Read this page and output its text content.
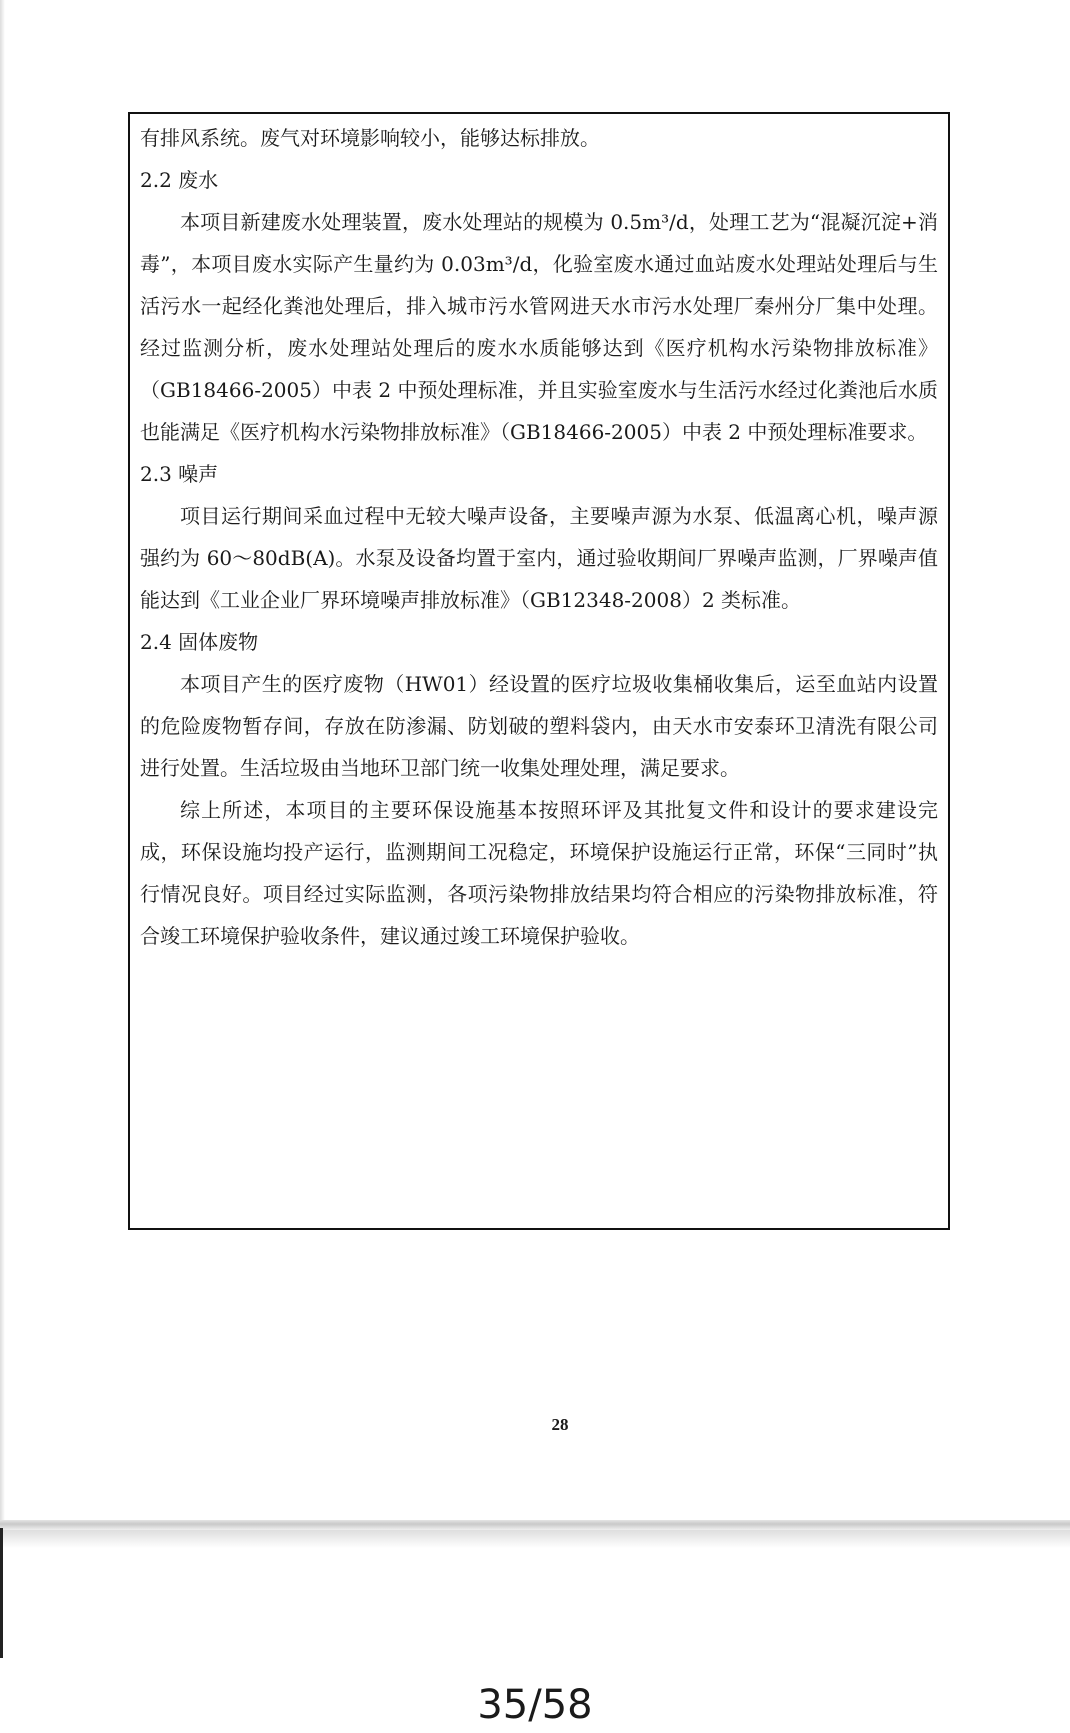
有排风系统。废气对环境影响较小，能够达标排放。

2.2 废水

本项目新建废水处理装置，废水处理站的规模为 0.5m³/d，处理工艺为“混凝沉淀+消毒”，本项目废水实际产生量约为 0.03m³/d，化验室废水通过血站废水处理站处理后与生活污水一起经化粪池处理后，排入城市污水管网进天水市污水处理厂秦州分厂集中处理。经过监测分析，废水处理站处理后的废水水质能够达到《医疗机构水污染物排放标准》（GB18466-2005）中表 2 中预处理标准，并且实验室废水与生活污水经过化粪池后水质也能满足《医疗机构水污染物排放标准》（GB18466-2005）中表 2 中预处理标准要求。

2.3 噪声

项目运行期间采血过程中无较大噪声设备，主要噪声源为水泵、低温离心机，噪声源强约为 60～80dB(A)。水泵及设备均置于室内，通过验收期间厂界噪声监测，厂界噪声值能达到《工业企业厂界环境噪声排放标准》（GB12348-2008）2 类标准。

2.4 固体废物

本项目产生的医疗废物（HW01）经设置的医疗垃圾收集桶收集后，运至血站内设置的危险废物暂存间，存放在防渗漏、防划破的塑料袋内，由天水市安泰环卫清洗有限公司进行处置。生活垃圾由当地环卫部门统一收集处理处理，满足要求。

综上所述，本项目的主要环保设施基本按照环评及其批复文件和设计的要求建设完成，环保设施均投产运行，监测期间工况稳定，环境保护设施运行正常，环保“三同时”执行情况良好。项目经过实际监测，各项污染物排放结果均符合相应的污染物排放标准，符合竣工环境保护验收条件，建议通过竣工环境保护验收。

28
35/58
